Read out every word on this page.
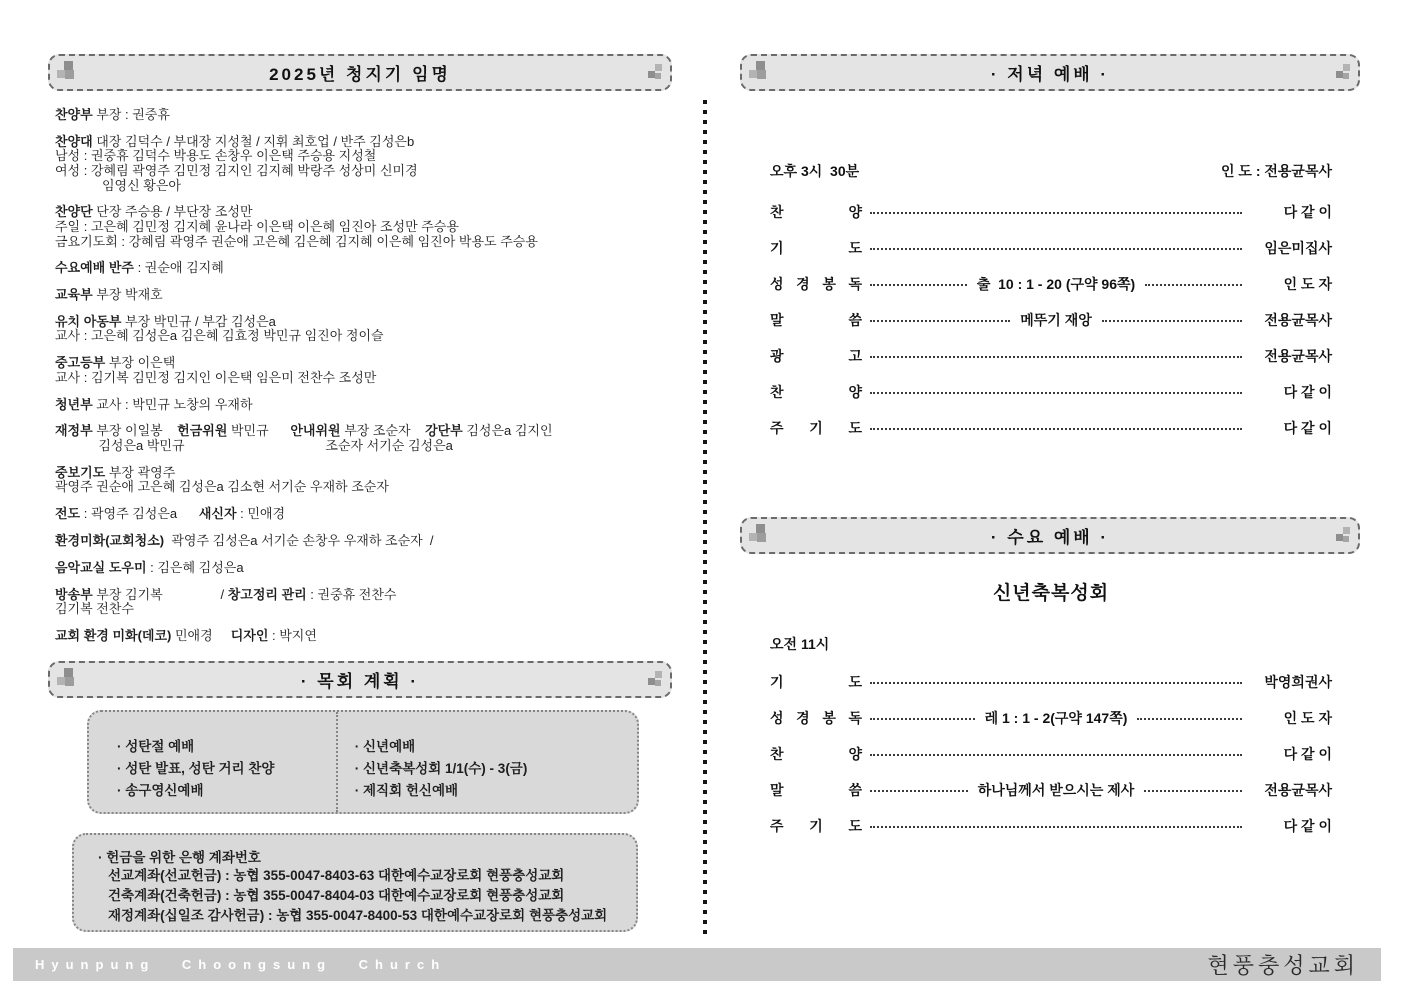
2025년 청지기 임명
찬양부 부장 : 권중휴
찬양대 대장 김덕수 / 부대장 지성철 / 지휘 최호업 / 반주 김성은b
남성 : 권중휴 김덕수 박용도 손창우 이은택 주승용 지성철
여성 : 강혜림 곽영주 김민정 김지인 김지혜 박랑주 성상미 신미경
임영신 황은아
찬양단 단장 주승용 / 부단장 조성만
주일 : 고은혜 김민정 김지혜 윤나라 이은택 이은혜 임진아 조성만 주승용
금요기도회 : 강혜림 곽영주 권순애 고은혜 김은혜 김지혜 이은혜 임진아 박용도 주승용
수요예배 반주 : 권순애 김지혜
교육부 부장 박재호
유치 아동부 부장 박민규 / 부감 김성은a
교사 : 고은혜 김성은a 김은혜 김효정 박민규 임진아 정이슬
중고등부 부장 이은택
교사 : 김기복 김민정 김지인 이은택 임은미 전찬수 조성만
청년부 교사 : 박민규 노창의 우재하
재정부 부장 이일봉    헌금위원 박민규      안내위원 부장 조순자    강단부 김성은a 김지인
김성은a 박민규                                       조순자 서기순 김성은a
중보기도 부장 곽영주
곽영주 권순애 고은혜 김성은a 김소현 서기순 우재하 조순자
전도 : 곽영주 김성은a      새신자 : 민애경
환경미화(교회청소)  곽영주 김성은a 서기순 손창우 우재하 조순자  /
음악교실 도우미 : 김은혜 김성은a
방송부 부장 김기복                / 창고정리 관리 : 권중휴 전찬수
김기복 전찬수
교회 환경 미화(데코) 민애경     디자인 : 박지연
· 목회 계획 ·
· 성탄절 예배
· 성탄 발표, 성탄 거리 찬양
· 송구영신예배
· 신년예배
· 신년축복성회 1/1(수) - 3(금)
· 제직회 헌신예배
· 헌금을 위한 은행 계좌번호
선교계좌(선교헌금) : 농협 355-0047-8403-63 대한예수교장로회 현풍충성교회
건축계좌(건축헌금) : 농협 355-0047-8404-03 대한예수교장로회 현풍충성교회
재정계좌(십일조 감사헌금) : 농협 355-0047-8400-53 대한예수교장로회 현풍충성교회
· 저녁 예배 ·
오후 3시  30분	인 도 : 전용균목사
찬 양	다 같 이
기 도	임은미집사
성 경 봉 독	출  10 : 1 - 20 (구약 96쪽)	인 도 자
말 씀	메뚜기 재앙	전용균목사
광 고	전용균목사
찬 양	다 같 이
주 기 도	다 같 이
· 수요 예배 ·
신년축복성회
오전 11시
기 도	박영희권사
성 경 봉 독	레 1 : 1 - 2(구약 147쪽)	인 도 자
찬 양	다 같 이
말 씀	하나님께서 받으시는 제사	전용균목사
주 기 도	다 같 이
Hyunpung Choongsung Church	현풍충성교회
